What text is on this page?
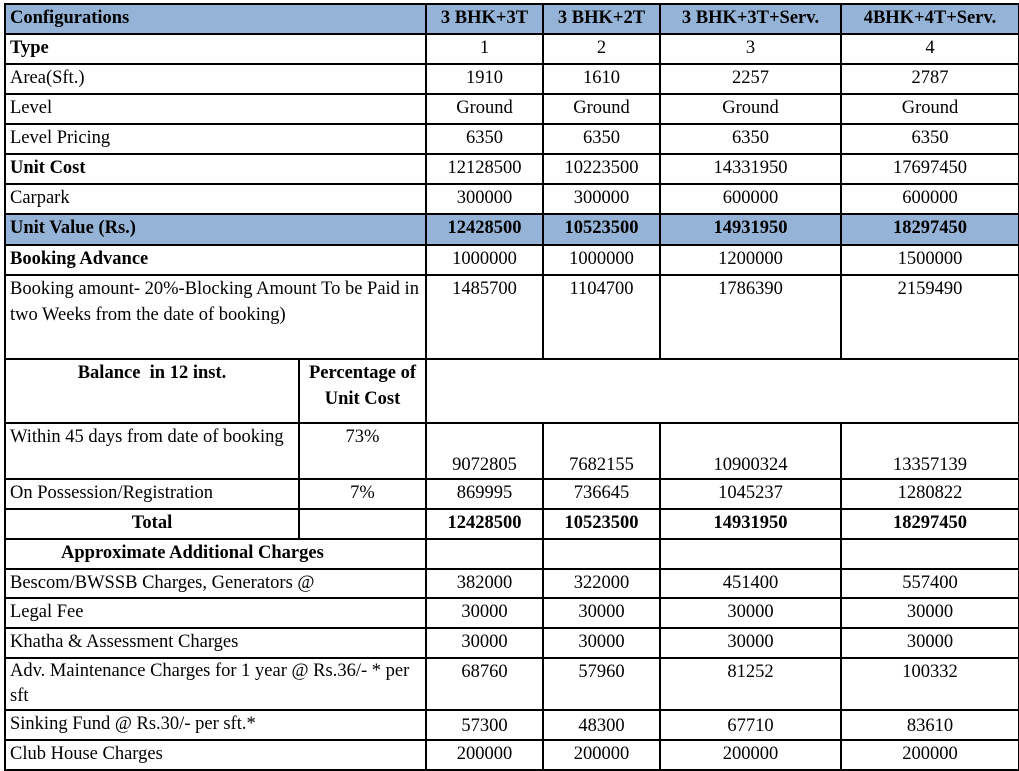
Configurations		3 BHK+3T	3 BHK+2T	3 BHK+3T+Serv.	4BHK+4T+Serv.
Type		1	2	3	4
Area(Sft.)		1910	1610	2257	2787
Level		Ground	Ground	Ground	Ground
Level Pricing		6350	6350	6350	6350
Unit Cost		12128500	10223500	14331950	17697450
Carpark		300000	300000	600000	600000
Unit Value (Rs.)		12428500	10523500	14931950	18297450
Booking Advance		1000000	1000000	1200000	1500000
Booking amount- 20%-Blocking Amount To be Paid in two Weeks from the date of booking)		1485700	1104700	1786390	2159490
Balance  in 12 inst.	Percentage of Unit Cost				
Within 45 days from date of booking	73%	9072805	7682155	10900324	13357139
On Possession/Registration	7%	869995	736645	1045237	1280822
Total		12428500	10523500	14931950	18297450
Approximate Additional Charges					
Bescom/BWSSB Charges, Generators @		382000	322000	451400	557400
Legal Fee		30000	30000	30000	30000
Khatha & Assessment Charges		30000	30000	30000	30000
Adv. Maintenance Charges for 1 year @ Rs.36/- * per sft		68760	57960	81252	100332
Sinking Fund @ Rs.30/- per sft.*		57300	48300	67710	83610
Club House Charges		200000	200000	200000	200000
